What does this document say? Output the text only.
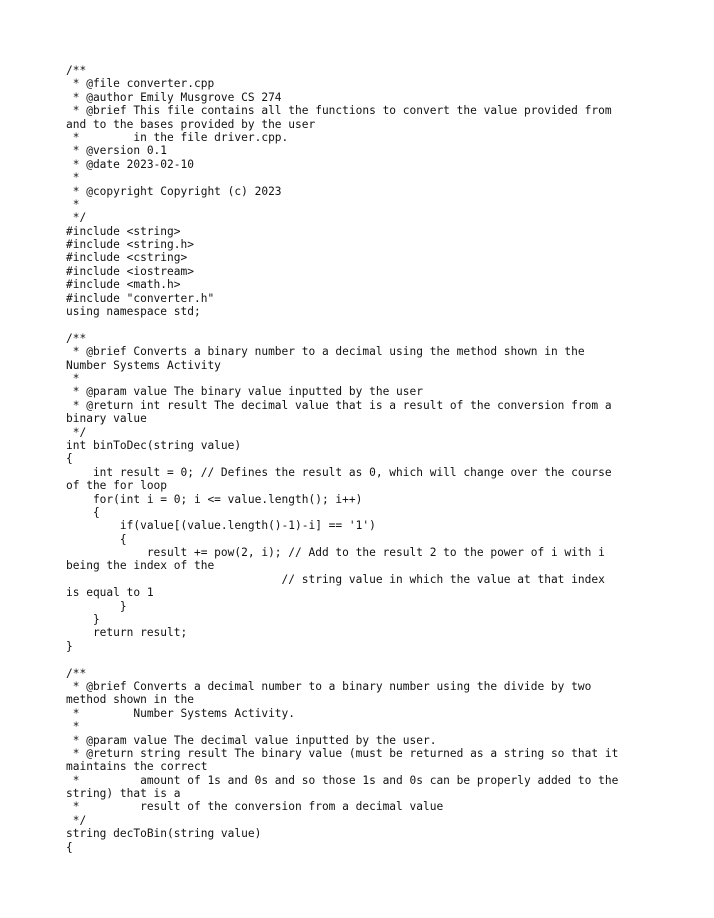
/**
* @file converter.cpp
* @author Emily Musgrove CS 274
* @brief This file contains all the functions to convert the value provided from
and to the bases provided by the user
*        in the file driver.cpp.
* @version 0.1
* @date 2023-02-10
*
* @copyright Copyright (c) 2023
*
*/
#include <string>
#include <string.h>
#include <cstring>
#include <iostream>
#include <math.h>
#include "converter.h"
using namespace std;
/**
* @brief Converts a binary number to a decimal using the method shown in the
Number Systems Activity
*
* @param value The binary value inputted by the user
* @return int result The decimal value that is a result of the conversion from a
binary value
*/
int binToDec(string value)
{
int result = 0; // Defines the result as 0, which will change over the course
of the for loop
for(int i = 0; i <= value.length(); i++)
{
if(value[(value.length()-1)-i] == '1')
{
result += pow(2, i); // Add to the result 2 to the power of i with i
being the index of the
// string value in which the value at that index
is equal to 1
}
}
return result;
}
/**
* @brief Converts a decimal number to a binary number using the divide by two
method shown in the
*        Number Systems Activity.
*
* @param value The decimal value inputted by the user.
* @return string result The binary value (must be returned as a string so that it
maintains the correct
*         amount of 1s and 0s and so those 1s and 0s can be properly added to the
string) that is a
*         result of the conversion from a decimal value
*/
string decToBin(string value)
{
